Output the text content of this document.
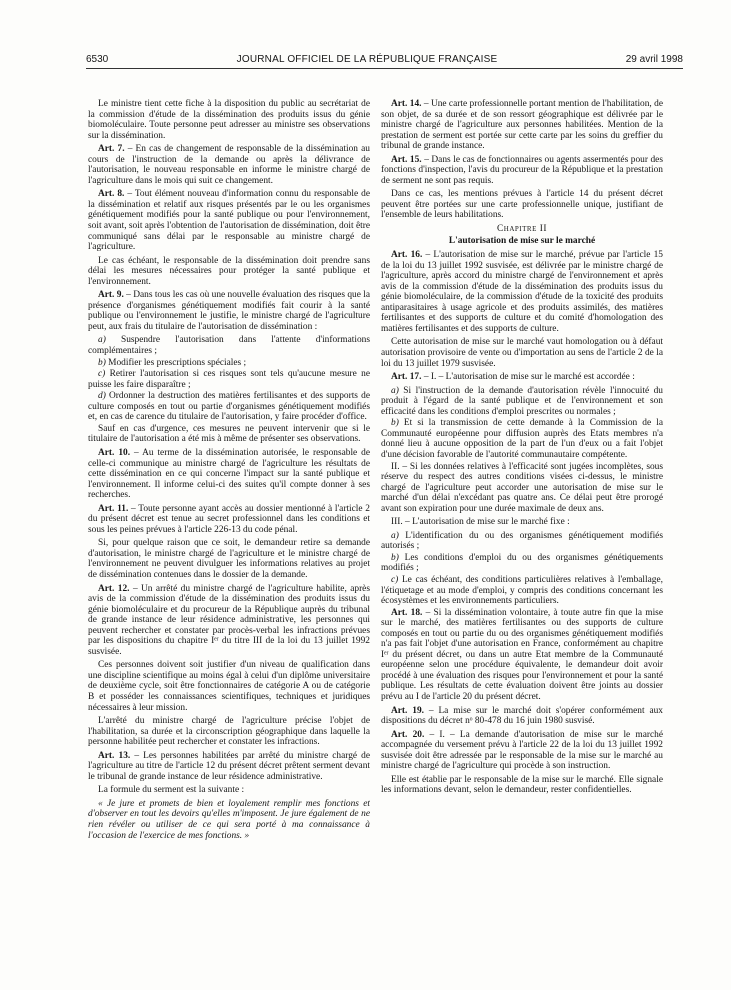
6530	JOURNAL OFFICIEL DE LA RÉPUBLIQUE FRANÇAISE	29 avril 1998

Le ministre tient cette fiche à la disposition du public au secrétariat de la commission d'étude de la dissémination des produits issus du génie biomoléculaire. Toute personne peut adresser au ministre ses observations sur la dissémination.

Art. 7. – En cas de changement de responsable de la dissémination au cours de l'instruction de la demande ou après la délivrance de l'autorisation, le nouveau responsable en informe le ministre chargé de l'agriculture dans le mois qui suit ce changement.

Art. 8. – Tout élément nouveau d'information connu du responsable de la dissémination et relatif aux risques présentés par le ou les organismes génétiquement modifiés pour la santé publique ou pour l'environnement, soit avant, soit après l'obtention de l'autorisation de dissémination, doit être communiqué sans délai par le responsable au ministre chargé de l'agriculture.

Le cas échéant, le responsable de la dissémination doit prendre sans délai les mesures nécessaires pour protéger la santé publique et l'environnement.

Art. 9. – Dans tous les cas où une nouvelle évaluation des risques que la présence d'organismes génétiquement modifiés fait courir à la santé publique ou l'environnement le justifie, le ministre chargé de l'agriculture peut, aux frais du titulaire de l'autorisation de dissémination :

a) Suspendre l'autorisation dans l'attente d'informations complémentaires ;

b) Modifier les prescriptions spéciales ;

c) Retirer l'autorisation si ces risques sont tels qu'aucune mesure ne puisse les faire disparaître ;

d) Ordonner la destruction des matières fertilisantes et des supports de culture composés en tout ou partie d'organismes génétiquement modifiés et, en cas de carence du titulaire de l'autorisation, y faire procéder d'office.

Sauf en cas d'urgence, ces mesures ne peuvent intervenir que si le titulaire de l'autorisation a été mis à même de présenter ses observations.

Art. 10. – Au terme de la dissémination autorisée, le responsable de celle-ci communique au ministre chargé de l'agriculture les résultats de cette dissémination en ce qui concerne l'impact sur la santé publique et l'environnement. Il informe celui-ci des suites qu'il compte donner à ses recherches.

Art. 11. – Toute personne ayant accès au dossier mentionné à l'article 2 du présent décret est tenue au secret professionnel dans les conditions et sous les peines prévues à l'article 226-13 du code pénal.

Si, pour quelque raison que ce soit, le demandeur retire sa demande d'autorisation, le ministre chargé de l'agriculture et le ministre chargé de l'environnement ne peuvent divulguer les informations relatives au projet de dissémination contenues dans le dossier de la demande.

Art. 12. – Un arrêté du ministre chargé de l'agriculture habilite, après avis de la commission d'étude de la dissémination des produits issus du génie biomoléculaire et du procureur de la République auprès du tribunal de grande instance de leur résidence administrative, les personnes qui peuvent rechercher et constater par procès-verbal les infractions prévues par les dispositions du chapitre Iᵉʳ du titre III de la loi du 13 juillet 1992 susvisée.

Ces personnes doivent soit justifier d'un niveau de qualification dans une discipline scientifique au moins égal à celui d'un diplôme universitaire de deuxième cycle, soit être fonctionnaires de catégorie A ou de catégorie B et posséder les connaissances scientifiques, techniques et juridiques nécessaires à leur mission.

L'arrêté du ministre chargé de l'agriculture précise l'objet de l'habilitation, sa durée et la circonscription géographique dans laquelle la personne habilitée peut rechercher et constater les infractions.

Art. 13. – Les personnes habilitées par arrêté du ministre chargé de l'agriculture au titre de l'article 12 du présent décret prêtent serment devant le tribunal de grande instance de leur résidence administrative.

La formule du serment est la suivante :

« Je jure et promets de bien et loyalement remplir mes fonctions et d'observer en tout les devoirs qu'elles m'imposent. Je jure également de ne rien révéler ou utiliser de ce qui sera porté à ma connaissance à l'occasion de l'exercice de mes fonctions. »

Art. 14. – Une carte professionnelle portant mention de l'habilitation, de son objet, de sa durée et de son ressort géographique est délivrée par le ministre chargé de l'agriculture aux personnes habilitées. Mention de la prestation de serment est portée sur cette carte par les soins du greffier du tribunal de grande instance.

Art. 15. – Dans le cas de fonctionnaires ou agents assermentés pour des fonctions d'inspection, l'avis du procureur de la République et la prestation de serment ne sont pas requis.

Dans ce cas, les mentions prévues à l'article 14 du présent décret peuvent être portées sur une carte professionnelle unique, justifiant de l'ensemble de leurs habilitations.

Chapitre II
L'autorisation de mise sur le marché

Art. 16. – L'autorisation de mise sur le marché, prévue par l'article 15 de la loi du 13 juillet 1992 susvisée, est délivrée par le ministre chargé de l'agriculture, après accord du ministre chargé de l'environnement et après avis de la commission d'étude de la dissémination des produits issus du génie biomoléculaire, de la commission d'étude de la toxicité des produits antiparasitaires à usage agricole et des produits assimilés, des matières fertilisantes et des supports de culture et du comité d'homologation des matières fertilisantes et des supports de culture.

Cette autorisation de mise sur le marché vaut homologation ou à défaut autorisation provisoire de vente ou d'importation au sens de l'article 2 de la loi du 13 juillet 1979 susvisée.

Art. 17. – I. – L'autorisation de mise sur le marché est accordée :

a) Si l'instruction de la demande d'autorisation révèle l'innocuité du produit à l'égard de la santé publique et de l'environnement et son efficacité dans les conditions d'emploi prescrites ou normales ;

b) Et si la transmission de cette demande à la Commission de la Communauté européenne pour diffusion auprès des Etats membres n'a donné lieu à aucune opposition de la part de l'un d'eux ou a fait l'objet d'une décision favorable de l'autorité communautaire compétente.

II. – Si les données relatives à l'efficacité sont jugées incomplètes, sous réserve du respect des autres conditions visées ci-dessus, le ministre chargé de l'agriculture peut accorder une autorisation de mise sur le marché d'un délai n'excédant pas quatre ans. Ce délai peut être prorogé avant son expiration pour une durée maximale de deux ans.

III. – L'autorisation de mise sur le marché fixe :

a) L'identification du ou des organismes génétiquement modifiés autorisés ;

b) Les conditions d'emploi du ou des organismes génétiquements modifiés ;

c) Le cas échéant, des conditions particulières relatives à l'emballage, l'étiquetage et au mode d'emploi, y compris des conditions concernant les écosystèmes et les environnements particuliers.

Art. 18. – Si la dissémination volontaire, à toute autre fin que la mise sur le marché, des matières fertilisantes ou des supports de culture composés en tout ou partie du ou des organismes génétiquement modifiés n'a pas fait l'objet d'une autorisation en France, conformément au chapitre Iᵉʳ du présent décret, ou dans un autre Etat membre de la Communauté européenne selon une procédure équivalente, le demandeur doit avoir procédé à une évaluation des risques pour l'environnement et pour la santé publique. Les résultats de cette évaluation doivent être joints au dossier prévu au I de l'article 20 du présent décret.

Art. 19. – La mise sur le marché doit s'opérer conformément aux dispositions du décret nᵒ 80-478 du 16 juin 1980 susvisé.

Art. 20. – I. – La demande d'autorisation de mise sur le marché accompagnée du versement prévu à l'article 22 de la loi du 13 juillet 1992 susvisée doit être adressée par le responsable de la mise sur le marché au ministre chargé de l'agriculture qui procède à son instruction.

Elle est établie par le responsable de la mise sur le marché. Elle signale les informations devant, selon le demandeur, rester confidentielles.
